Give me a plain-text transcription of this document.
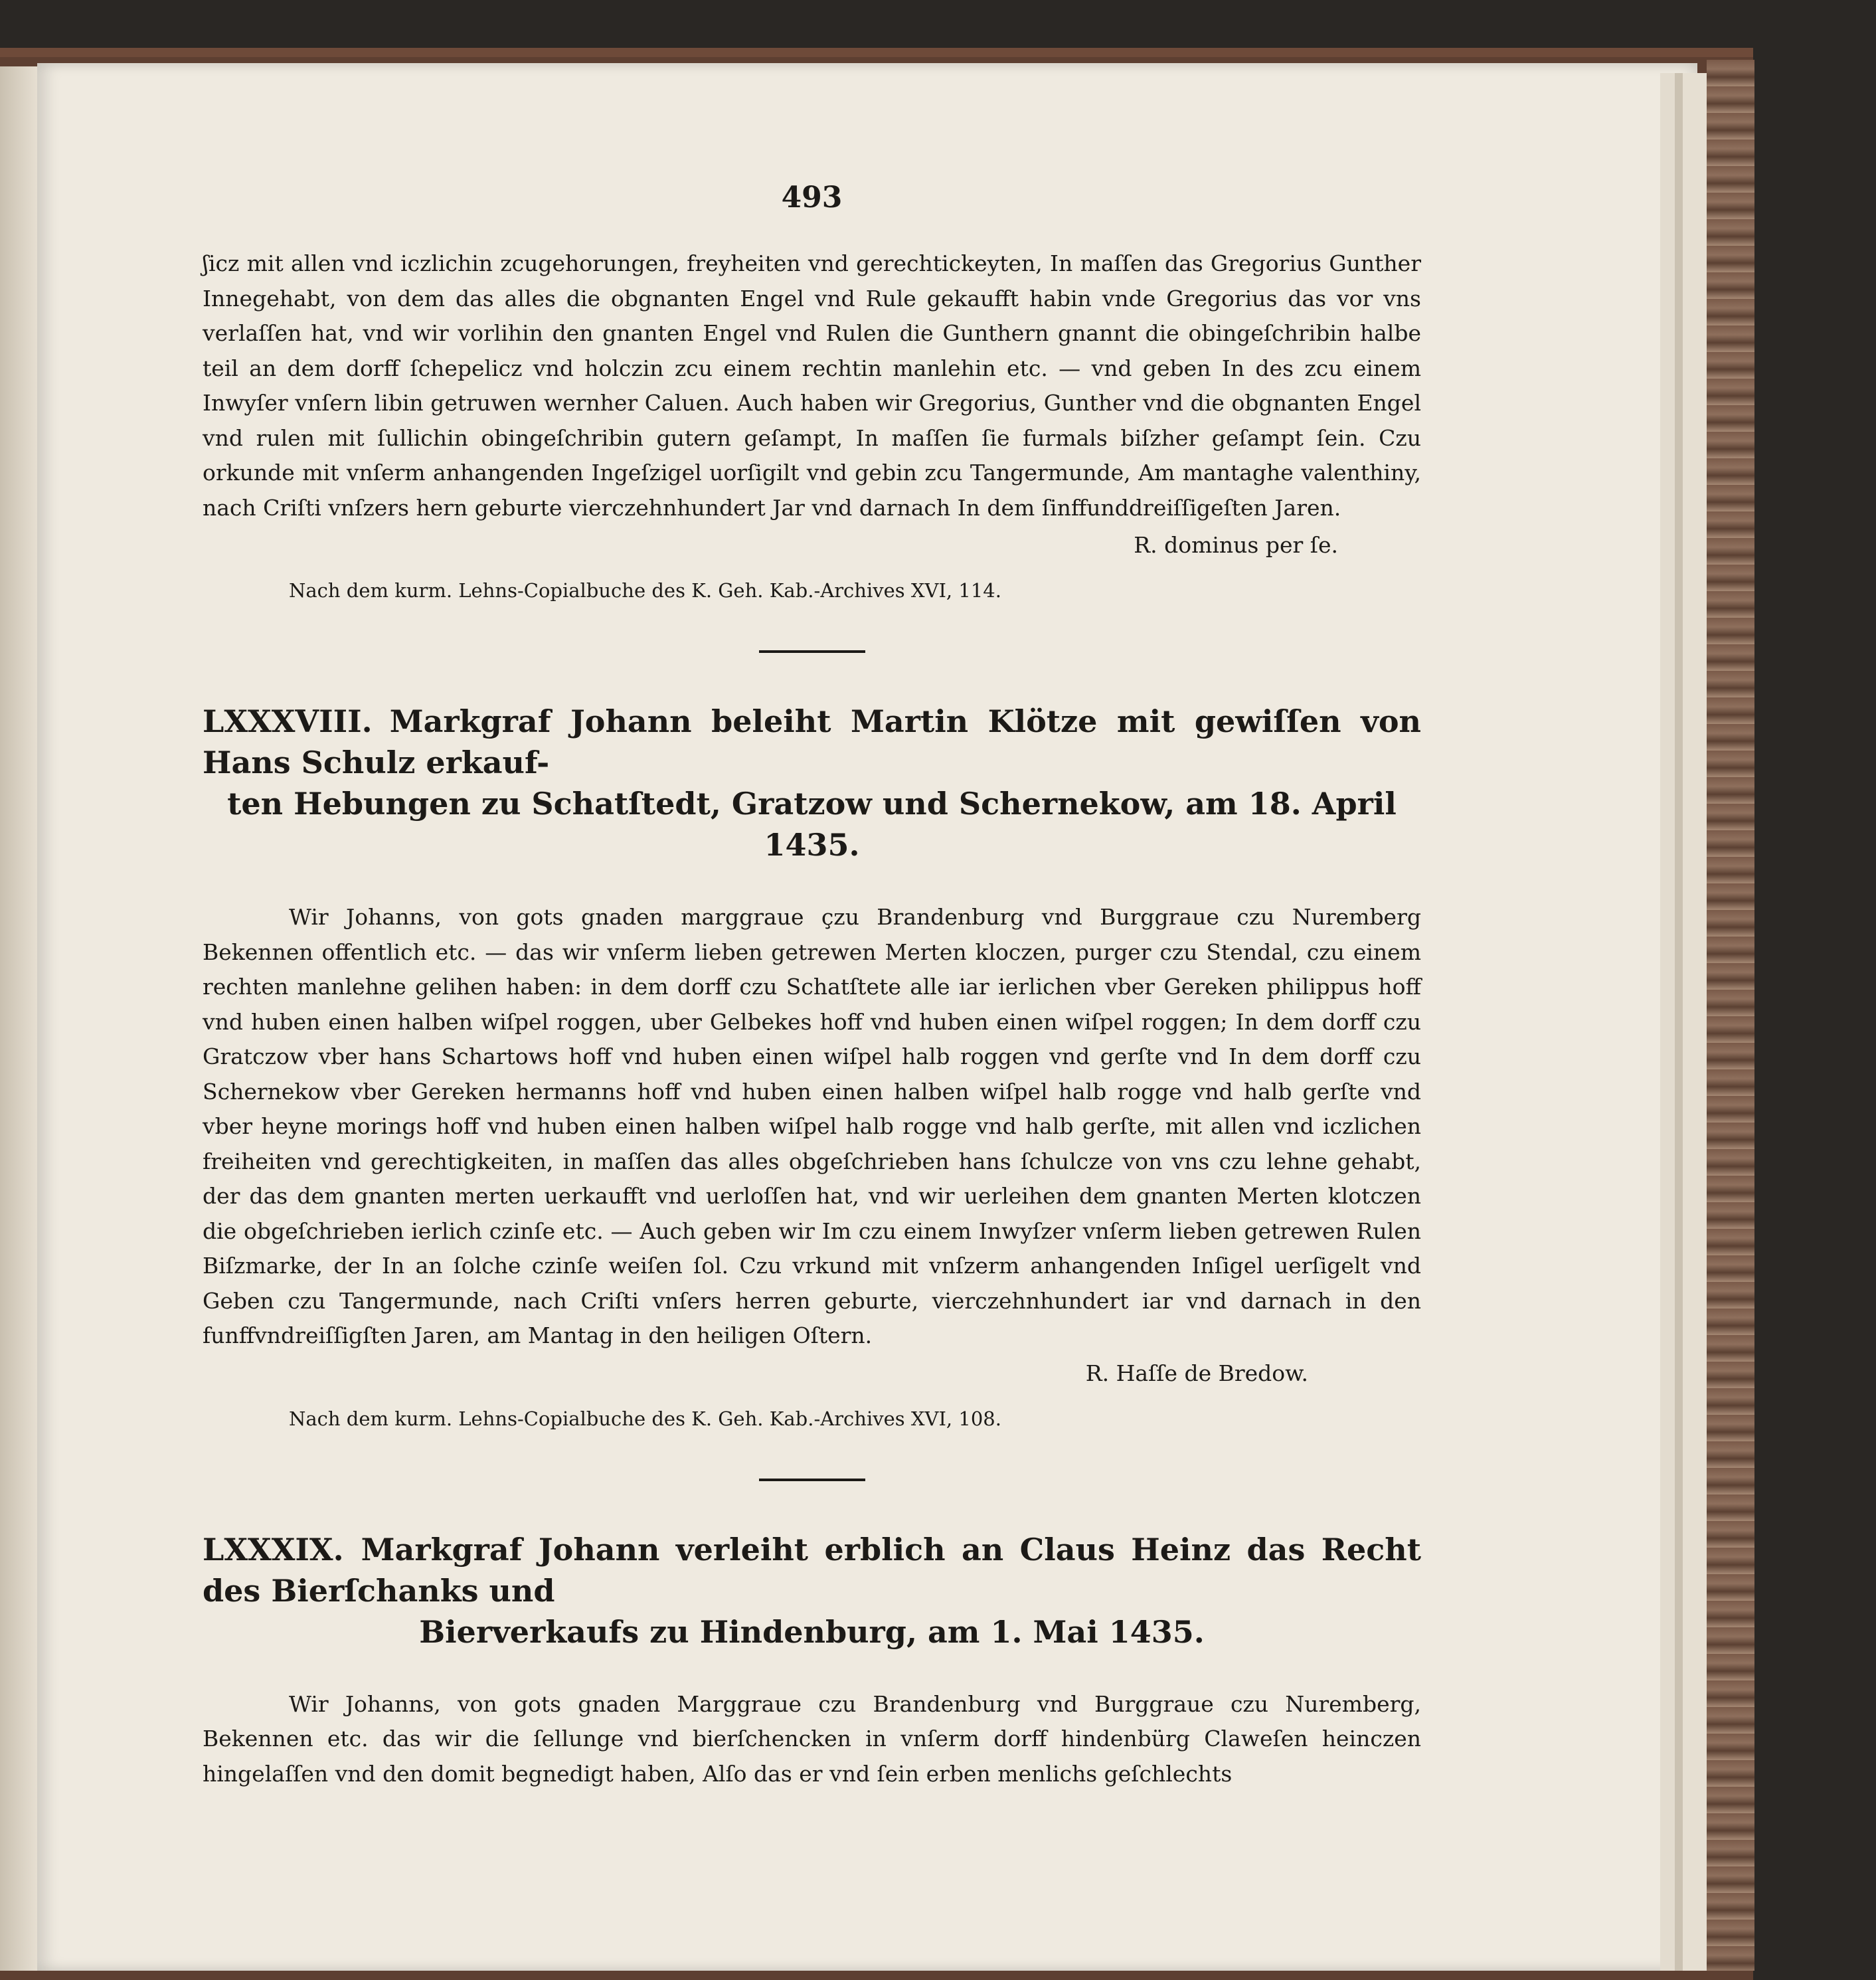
493

ʃicz mit allen vnd iczlichin zcugehorungen, freyheiten vnd gerechtickeyten, In maſſen das Gregorius Gunther Innegehabt, von dem das alles die obgnanten Engel vnd Rule gekaufft habin vnde Gregorius das vor vns verlaſſen hat, vnd wir vorlihin den gnanten Engel vnd Rulen die Gunthern gnannt die obingeſchribin halbe teil an dem dorff ſchepelicz vnd holczin zcu einem rechtin manlehin etc. — vnd geben In des zcu einem Inwyſer vnſern libin getruwen wernher Caluen. Auch haben wir Gregorius, Gunther vnd die obgnanten Engel vnd rulen mit ſullichin obingeſchribin gutern geſampt, In maſſen ſie furmals biſzher geſampt ſein. Czu orkunde mit vnſerm anhangenden Ingeſzigel uorſigilt vnd gebin zcu Tangermunde, Am mantaghe valenthiny, nach Criſti vnſzers hern geburte vierczehnhundert Jar vnd darnach In dem ſinffunddreiſſigeſten Jaren.

R. dominus per ſe.
Nach dem kurm. Lehns-Copialbuche des K. Geh. Kab.-Archives XVI, 114.
LXXXVIII. Markgraf Johann beleiht Martin Klötze mit gewiſſen von Hans Schulz erkauf-
ten Hebungen zu Schatſtedt, Gratzow und Schernekow, am 18. April 1435.

Wir Johanns, von gots gnaden marggraue çzu Brandenburg vnd Burggraue czu Nuremberg Bekennen offentlich etc. — das wir vnſerm lieben getrewen Merten kloczen, purger czu Stendal, czu einem rechten manlehne gelihen haben: in dem dorff czu Schatſtete alle iar ierlichen vber Gereken philippus hoff vnd huben einen halben wiſpel roggen, uber Gelbekes hoff vnd huben einen wiſpel roggen; In dem dorff czu Gratczow vber hans Schartows hoff vnd huben einen wiſpel halb roggen vnd gerſte vnd In dem dorff czu Schernekow vber Gereken hermanns hoff vnd huben einen halben wiſpel halb rogge vnd halb gerſte vnd vber heyne morings hoff vnd huben einen halben wiſpel halb rogge vnd halb gerſte, mit allen vnd iczlichen freiheiten vnd gerechtigkeiten, in maſſen das alles obgeſchrieben hans ſchulcze von vns czu lehne gehabt, der das dem gnanten merten uerkaufft vnd uerloſſen hat, vnd wir uerleihen dem gnanten Merten klotczen die obgeſchrieben ierlich czinſe etc. — Auch geben wir Im czu einem Inwyſzer vnſerm lieben getrewen Rulen Biſzmarke, der In an ſolche czinſe weiſen ſol. Czu vrkund mit vnſzerm anhangenden Inſigel uerſigelt vnd Geben czu Tangermunde, nach Criſti vnſers herren geburte, vierczehnhundert iar vnd darnach in den funffvndreiſſigſten Jaren, am Mantag in den heiligen Oſtern.

R. Haſſe de Bredow.
Nach dem kurm. Lehns-Copialbuche des K. Geh. Kab.-Archives XVI, 108.
LXXXIX. Markgraf Johann verleiht erblich an Claus Heinz das Recht des Bierſchanks und
Bierverkaufs zu Hindenburg, am 1. Mai 1435.

Wir Johanns, von gots gnaden Marggraue czu Brandenburg vnd Burggraue czu Nuremberg, Bekennen etc. das wir die ſellunge vnd bierſchencken in vnſerm dorff hindenbürg Claweſen heinczen hingelaſſen vnd den domit begnedigt haben, Alſo das er vnd ſein erben menlichs geſchlechts
